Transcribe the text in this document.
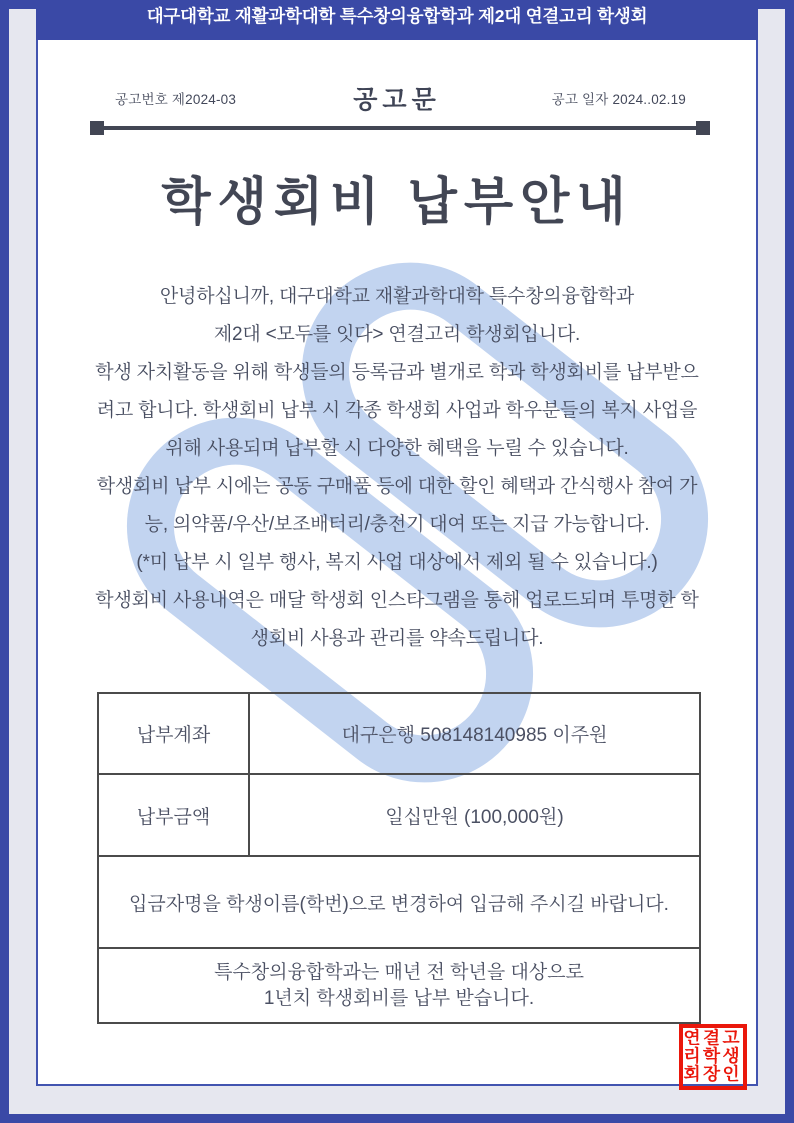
공고번호 제2024-03	공고문	공고 일자 2024..02.19
학생회비 납부안내
안녕하십니까, 대구대학교 재활과학대학 특수창의융합학과
제2대 <모두를 잇다> 연결고리 학생회입니다.
학생 자치활동을 위해 학생들의 등록금과 별개로 학과 학생회비를 납부받으
려고 합니다. 학생회비 납부 시 각종 학생회 사업과 학우분들의 복지 사업을
위해 사용되며 납부할 시 다양한 혜택을 누릴 수 있습니다.
학생회비 납부 시에는 공동 구매품 등에 대한 할인 혜택과 간식행사 참여 가
능, 의약품/우산/보조배터리/충전기 대여 또는 지급 가능합니다.
(*미 납부 시 일부 행사, 복지 사업 대상에서 제외 될 수 있습니다.)
학생회비 사용내역은 매달 학생회 인스타그램을 통해 업로드되며 투명한 학
생회비 사용과 관리를 약속드립니다.
납부계좌	대구은행 508148140985 이주원
납부금액	일십만원 (100,000원)
입금자명을 학생이름(학번)으로 변경하여 입금해 주시길 바랍니다.
특수창의융합학과는 매년 전 학년을 대상으로
1년치 학생회비를 납부 받습니다.
대구대학교 재활과학대학 특수창의융합학과 제2대 연결고리 학생회
연결고
리학생
회장인
